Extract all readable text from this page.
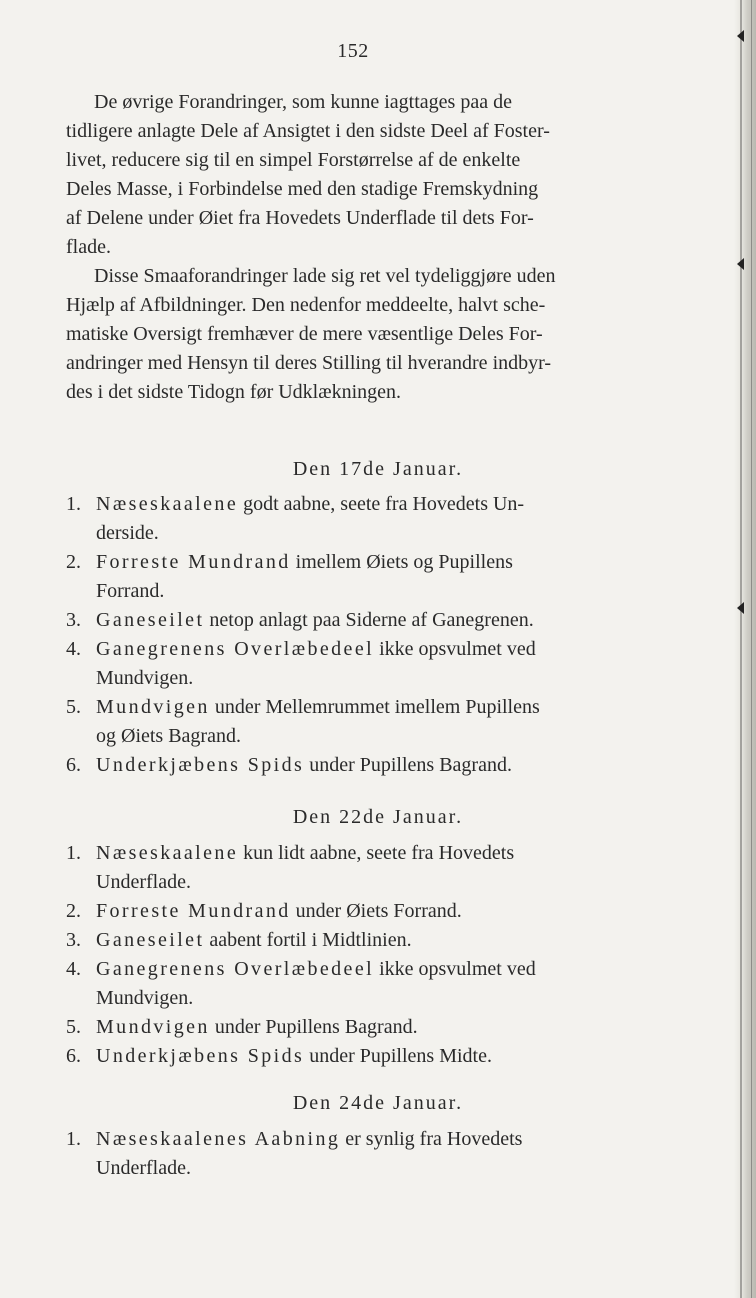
152
De øvrige Forandringer, som kunne iagttages paa de
tidligere anlagte Dele af Ansigtet i den sidste Deel af Foster-
livet, reducere sig til en simpel Forstørrelse af de enkelte
Deles Masse, i Forbindelse med den stadige Fremskydning
af Delene under Øiet fra Hovedets Underflade til dets For-
flade.
Disse Smaaforandringer lade sig ret vel tydeliggjøre uden
Hjælp af Afbildninger. Den nedenfor meddeelte, halvt sche-
matiske Oversigt fremhæver de mere væsentlige Deles For-
andringer med Hensyn til deres Stilling til hverandre indbyr-
des i det sidste Tidogn før Udklækningen.
Den 17de Januar.
1. Næseskaalene godt aabne, seete fra Hovedets Un-
derside.
2. Forreste Mundrand imellem Øiets og Pupillens
Forrand.
3. Ganeseilet netop anlagt paa Siderne af Ganegrenen.
4. Ganegrenens Overlæbedeel ikke opsvulmet ved
Mundvigen.
5. Mundvigen under Mellemrummet imellem Pupillens
og Øiets Bagrand.
6. Underkjæbens Spids under Pupillens Bagrand.
Den 22de Januar.
1. Næseskaalene kun lidt aabne, seete fra Hovedets
Underflade.
2. Forreste Mundrand under Øiets Forrand.
3. Ganeseilet aabent fortil i Midtlinien.
4. Ganegrenens Overlæbedeel ikke opsvulmet ved
Mundvigen.
5. Mundvigen under Pupillens Bagrand.
6. Underkjæbens Spids under Pupillens Midte.
Den 24de Januar.
1. Næseskaalenes Aabning er synlig fra Hovedets
Underflade.
